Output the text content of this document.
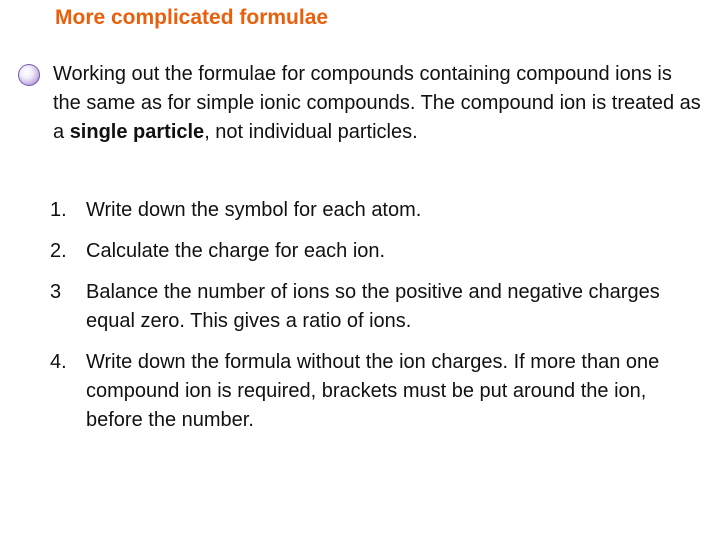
More complicated formulae
Working out the formulae for compounds containing compound ions is the same as for simple ionic compounds. The compound ion is treated as a single particle, not individual particles.
1. Write down the symbol for each atom.
2. Calculate the charge for each ion.
3	Balance the number of ions so the positive and negative charges equal zero. This gives a ratio of ions.
4. Write down the formula without the ion charges. If more than one compound ion is required, brackets must be put around the ion, before the number.
